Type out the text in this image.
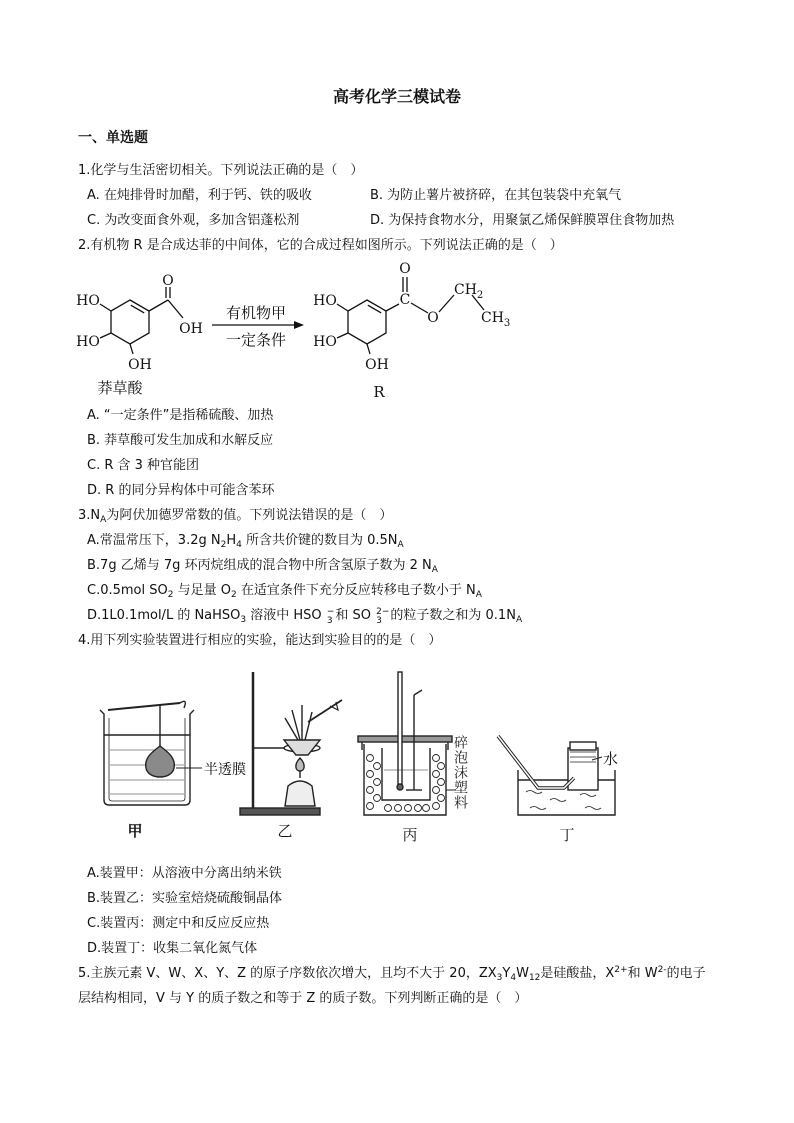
高考化学三模试卷
一、单选题
1.化学与生活密切相关。下列说法正确的是（　）
A. 在炖排骨时加醋，利于钙、铁的吸收	B. 为防止薯片被挤碎，在其包装袋中充氧气
C. 为改变面食外观，多加含铝蓬松剂	D. 为保持食物水分，用聚氯乙烯保鲜膜罩住食物加热
2.有机物 R 是合成达菲的中间体，它的合成过程如图所示。下列说法正确的是（　）
HO
HO
OH
O
OH
莽草酸
有机物甲
一定条件
HO
HO
OH
C
O
O
$CH_2$
$CH_3$
R
A. “一定条件”是指稀硫酸、加热
B. 莽草酸可发生加成和水解反应
C. R 含 3 种官能团
D. R 的同分异构体中可能含苯环
$3.N_A$为阿伏加德罗常数的值。下列说法错误的是（　）
A.常温常压下，3.2g $N_2H_4$ 所含共价键的数目为 $0.5N_A$
B.7g 乙烯与 7g 环丙烷组成的混合物中所含氢原子数为 2 $N_A$
C.0.5mol $SO_2$ 与足量 $O_2$ 在适宜条件下充分反应转移电子数小于 $N_A$
D.1L0.1mol/L 的 NaHSO$_3$ 溶液中 HSO −
3 和 SO 2−
3 的粒子数之和为 $0.1N_A$
4.用下列实验装置进行相应的实验，能达到实验目的的是（　）
半透膜
甲	乙	丙
水
丁
碎泡沫塑料
A.装置甲：从溶液中分离出纳米铁
B.装置乙：实验室焙烧硫酸铜晶体
C.装置丙：测定中和反应反应热
D.装置丁：收集二氧化氮气体
5.主族元素 V、W、X、Y、Z 的原子序数依次增大，且均不大于 20，$ZX_3Y_4W_{12}$是硅酸盐，$X^{2+}$和 $W^{2-}$的电子
层结构相同，V 与 Y 的质子数之和等于 Z 的质子数。下列判断正确的是（　）
